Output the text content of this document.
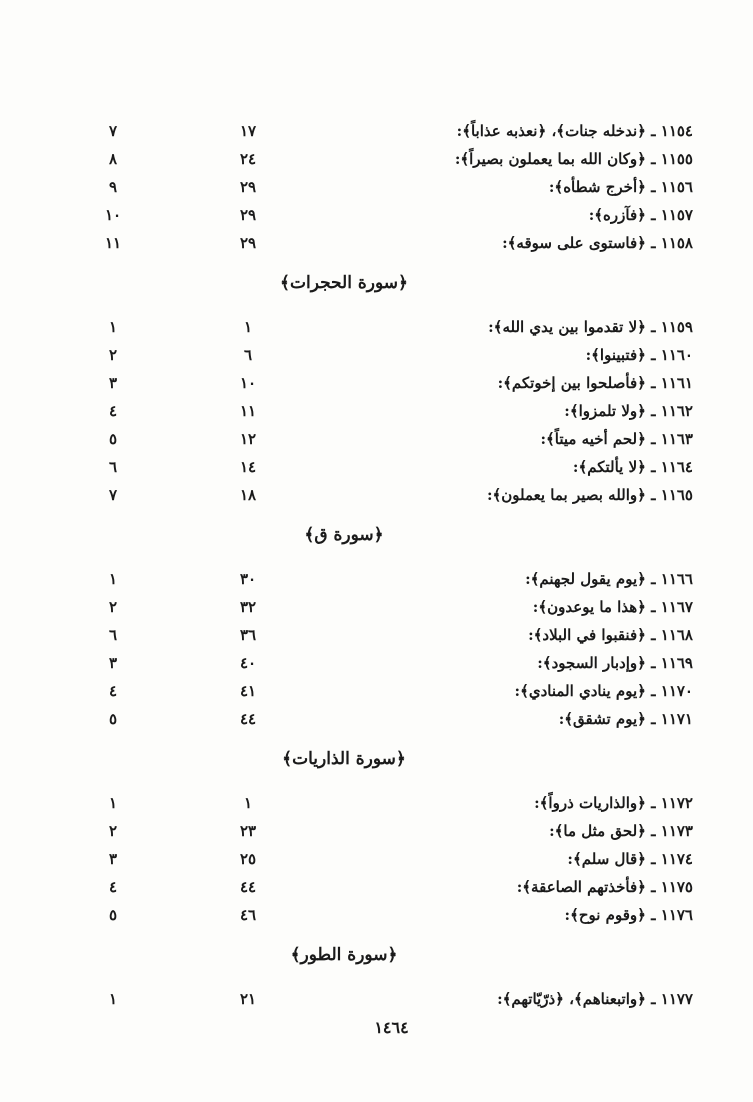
١١٥٤ ـ ﴿ندخله جنات﴾، ﴿نعذبه عذاباً﴾:
١٧
٧
١١٥٥ ـ ﴿وكان الله بما يعملون بصيراً﴾:
٢٤
٨
١١٥٦ ـ ﴿أخرج شطأه﴾:
٢٩
٩
١١٥٧ ـ ﴿فآزره﴾:
٢٩
١٠
١١٥٨ ـ ﴿فاستوى على سوقه﴾:
٢٩
١١
﴿سورة الحجرات﴾
١١٥٩ ـ ﴿لا تقدموا بين يدي الله﴾:
١
١
١١٦٠ ـ ﴿فتبينوا﴾:
٦
٢
١١٦١ ـ ﴿فأصلحوا بين إخوتكم﴾:
١٠
٣
١١٦٢ ـ ﴿ولا تلمزوا﴾:
١١
٤
١١٦٣ ـ ﴿لحم أخيه ميتاً﴾:
١٢
٥
١١٦٤ ـ ﴿لا يألتكم﴾:
١٤
٦
١١٦٥ ـ ﴿والله بصير بما يعملون﴾:
١٨
٧
﴿سورة ق﴾
١١٦٦ ـ ﴿يوم يقول لجهنم﴾:
٣٠
١
١١٦٧ ـ ﴿هذا ما يوعدون﴾:
٣٢
٢
١١٦٨ ـ ﴿فنقبوا في البلاد﴾:
٣٦
٦
١١٦٩ ـ ﴿وإدبار السجود﴾:
٤٠
٣
١١٧٠ ـ ﴿يوم ينادي المنادي﴾:
٤١
٤
١١٧١ ـ ﴿يوم تشقق﴾:
٤٤
٥
﴿سورة الذاريات﴾
١١٧٢ ـ ﴿والذاريات ذرواً﴾:
١
١
١١٧٣ ـ ﴿لحق مثل ما﴾:
٢٣
٢
١١٧٤ ـ ﴿قال سلم﴾:
٢٥
٣
١١٧٥ ـ ﴿فأخذتهم الصاعقة﴾:
٤٤
٤
١١٧٦ ـ ﴿وقوم نوح﴾:
٤٦
٥
﴿سورة الطور﴾
١١٧٧ ـ ﴿واتبعناهم﴾، ﴿ذرّيّاتهم﴾:
٢١
١
١٤٦٤
